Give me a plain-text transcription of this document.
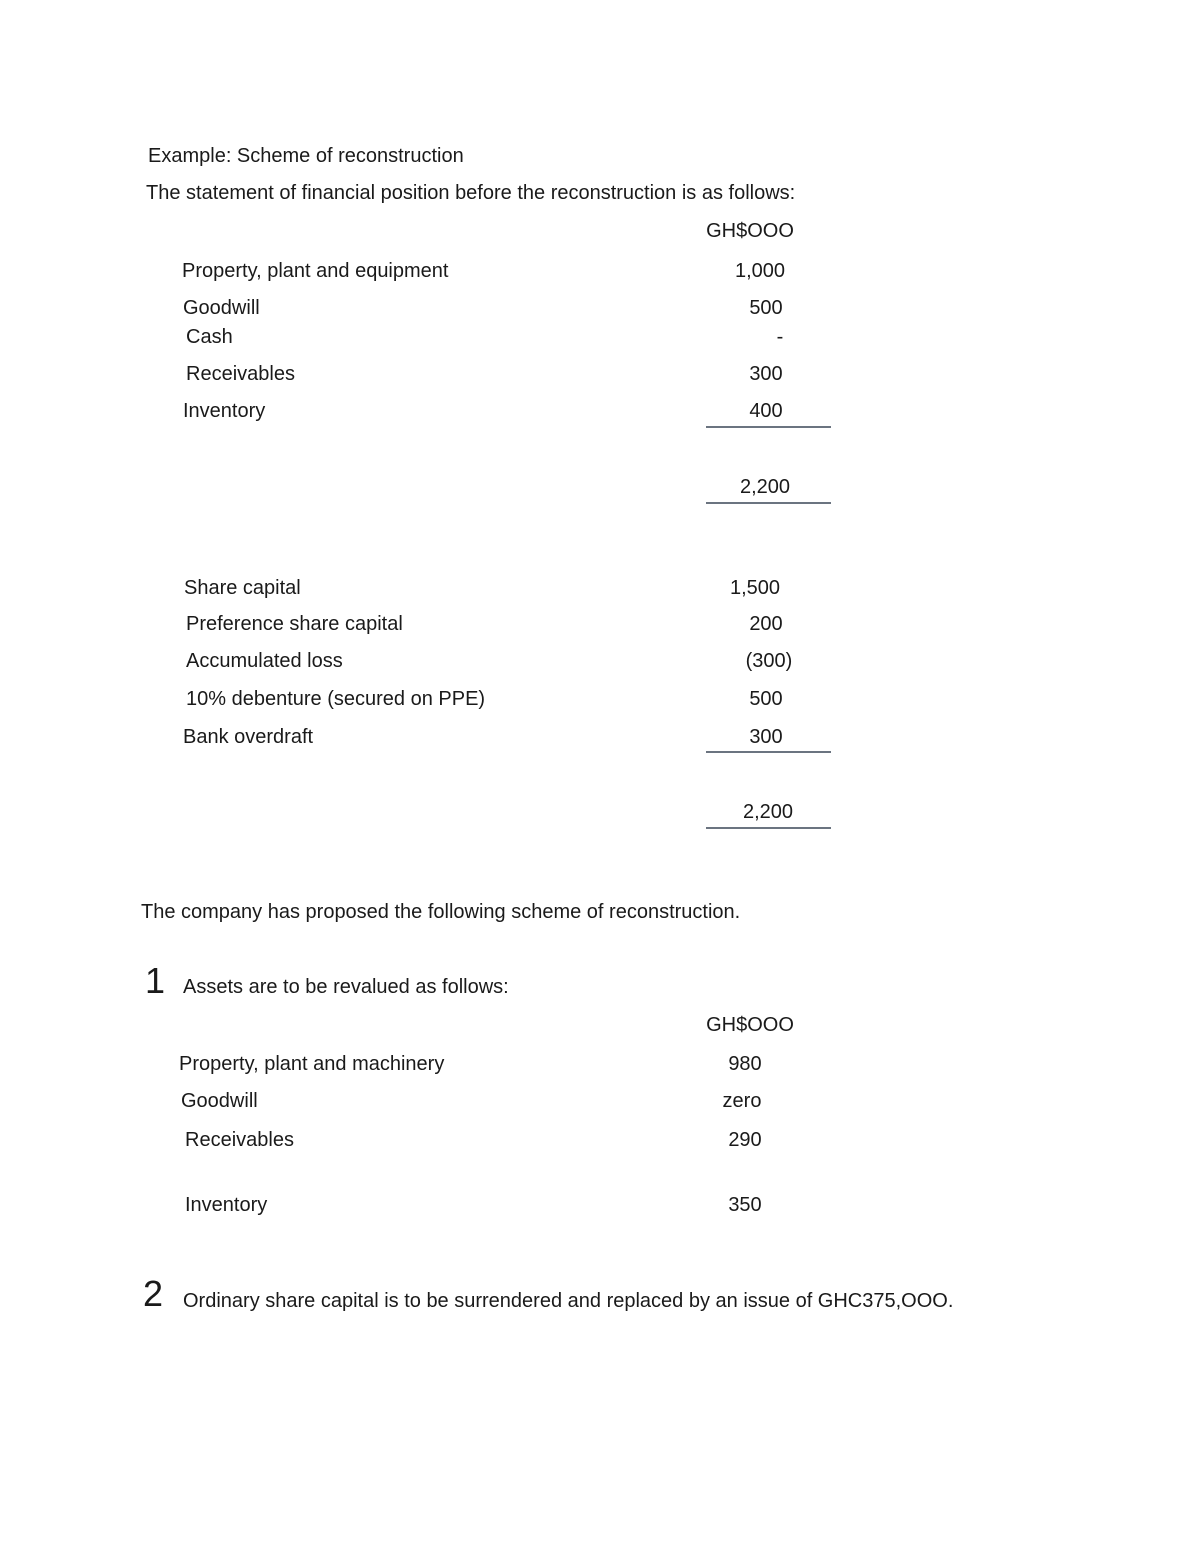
Example: Scheme of reconstruction
The statement of financial position before the reconstruction is as follows:
GH$OOO
Property, plant and equipment	1,000
Goodwill	500
Cash	-
Receivables	300
Inventory	400
2,200
Share capital	1,500
Preference share capital	200
Accumulated loss	(300)
10% debenture (secured on PPE)	500
Bank overdraft	300
2,200
The company has proposed the following scheme of reconstruction.
1 Assets are to be revalued as follows:
GH$OOO
Property, plant and machinery	980
Goodwill	zero
Receivables	290
Inventory	350
2 Ordinary share capital is to be surrendered and replaced by an issue of GHC375,OOO.
